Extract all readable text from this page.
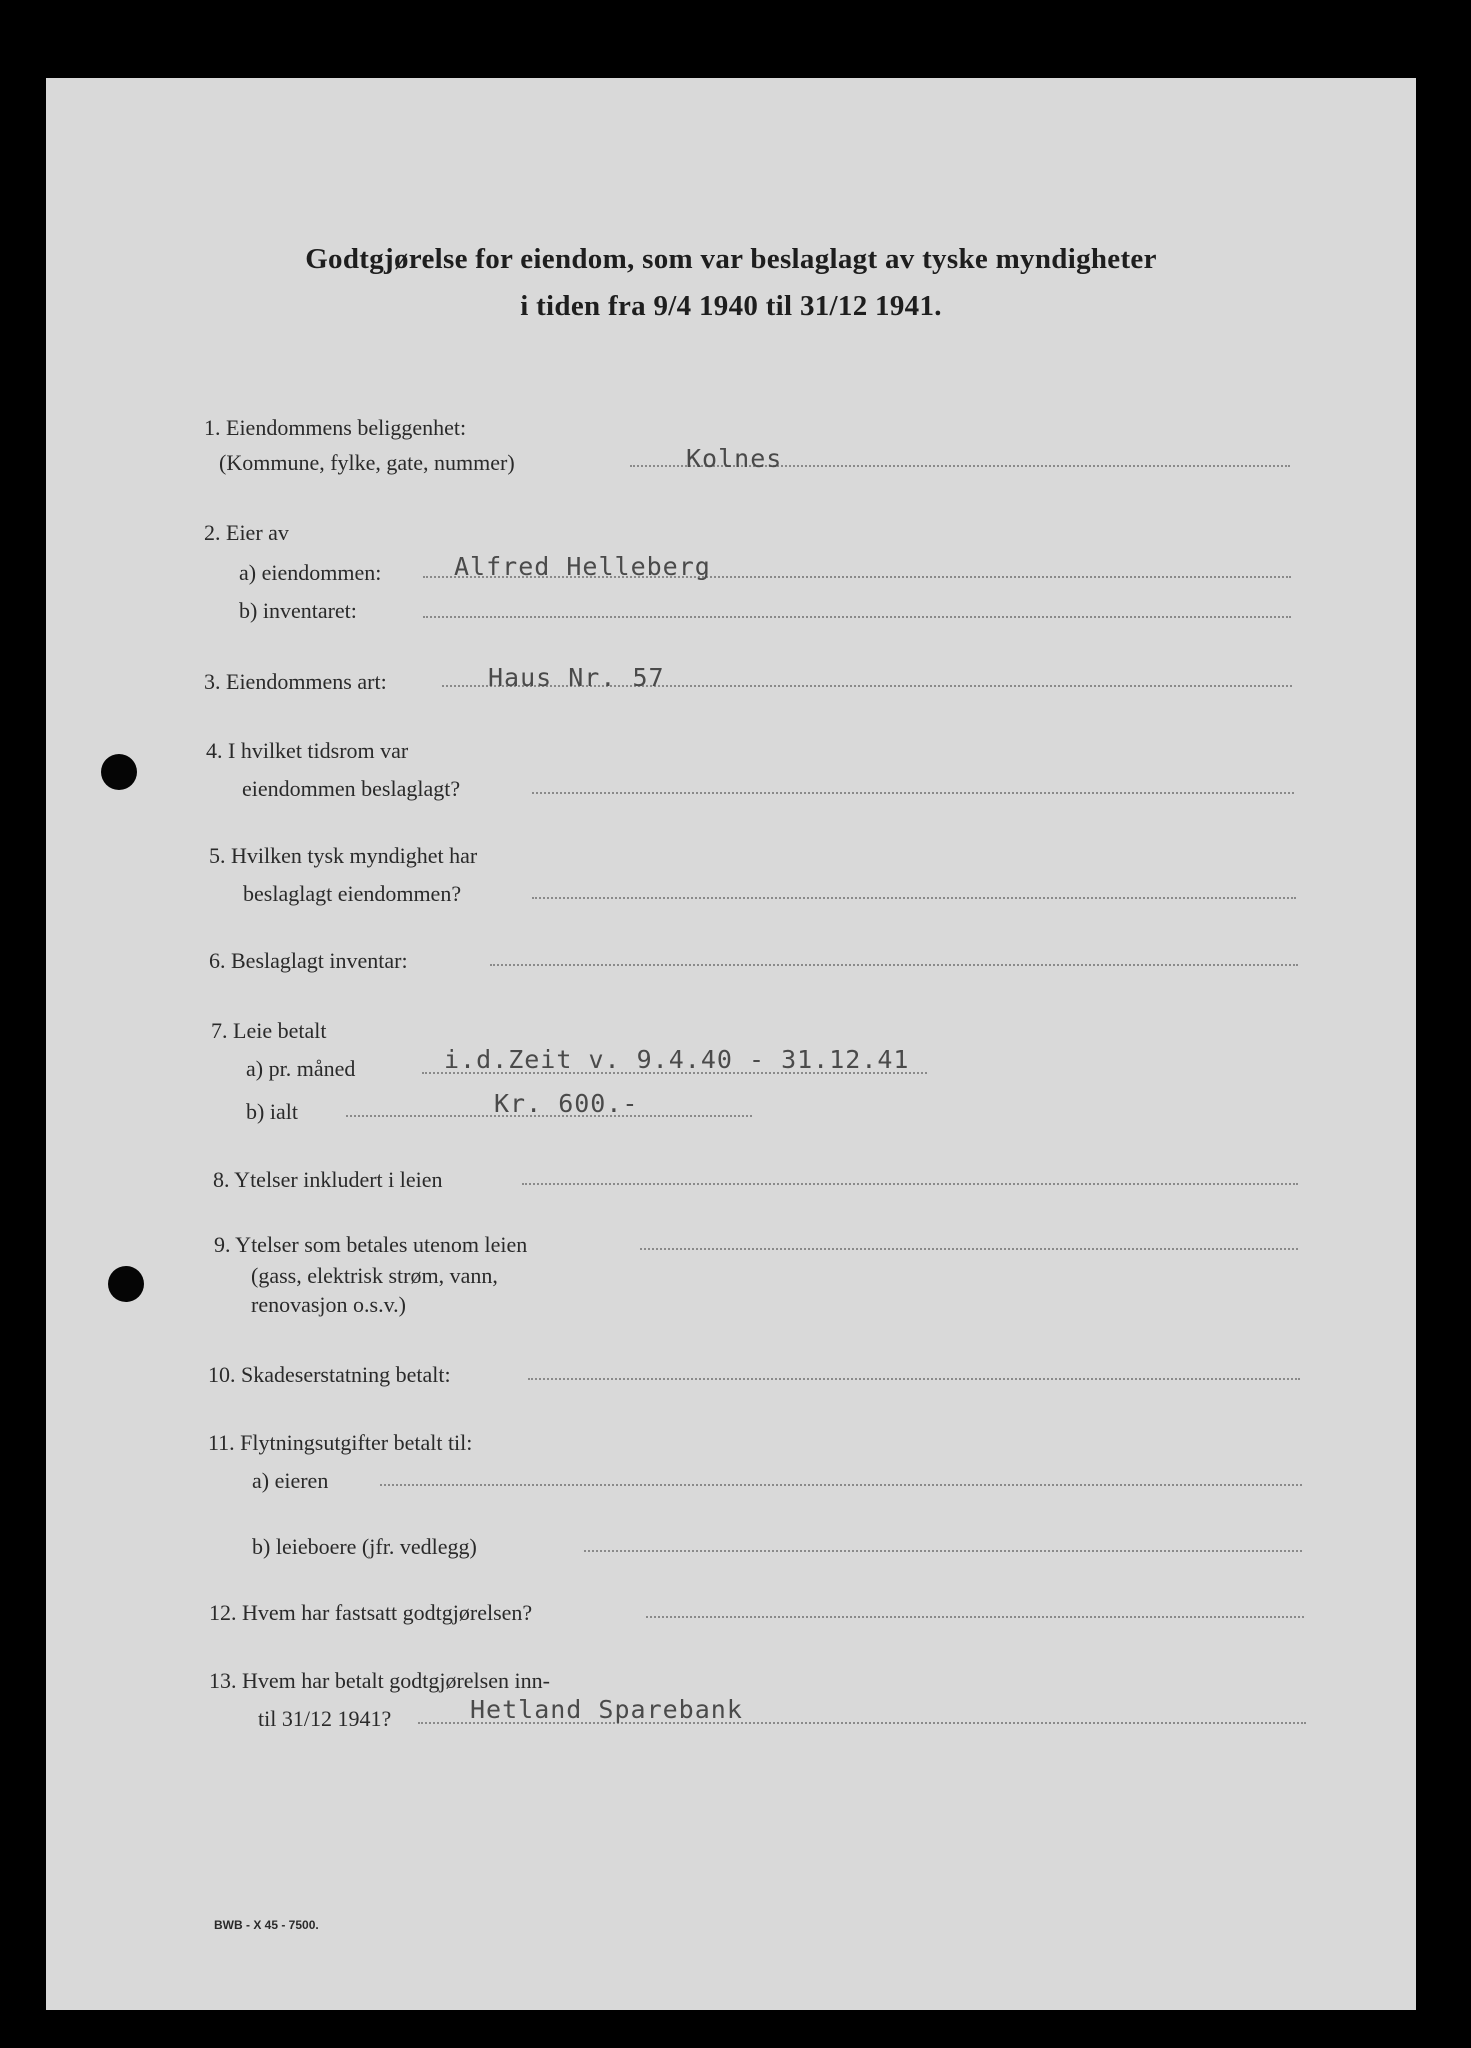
Godtgjørelse for eiendom, som var beslaglagt av tyske myndigheter
i tiden fra 9/4 1940 til 31/12 1941.
1. Eiendommens beliggenhet:
(Kommune, fylke, gate, nummer)	Kolnes
2. Eier av
a) eiendommen:	Alfred Helleberg
b) inventaret:
3. Eiendommens art:	Haus Nr. 57
4. I hvilket tidsrom var
eiendommen beslaglagt?
5. Hvilken tysk myndighet har
beslaglagt eiendommen?
6. Beslaglagt inventar:
7. Leie betalt
a) pr. måned	i.d.Zeit v. 9.4.40 - 31.12.41
b) ialt	Kr. 600.-
8. Ytelser inkludert i leien
9. Ytelser som betales utenom leien
(gass, elektrisk strøm, vann,
renovasjon o.s.v.)
10. Skadeserstatning betalt:
11. Flytningsutgifter betalt til:
a) eieren
b) leieboere (jfr. vedlegg)
12. Hvem har fastsatt godtgjørelsen?
13. Hvem har betalt godtgjørelsen inn-
til 31/12 1941?	Hetland Sparebank
BWB - X 45 - 7500.
